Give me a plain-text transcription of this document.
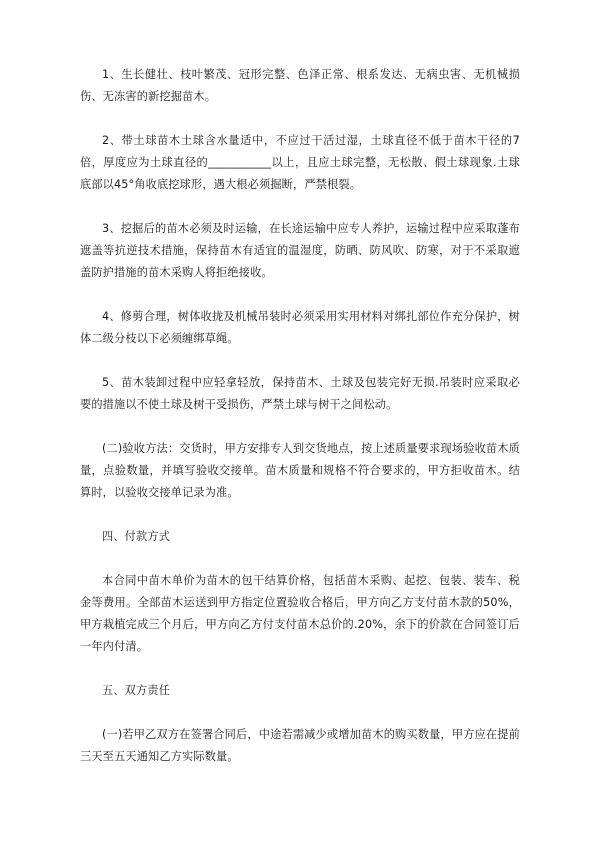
1、生长健壮、枝叶繁茂、冠形完整、色泽正常、根系发达、无病虫害、无机械损伤、无冻害的新挖掘苗木。

2、带土球苗木土球含水量适中，不应过干活过湿，土球直径不低于苗木干径的7倍，厚度应为土球直径的___________以上，且应土球完整，无松散、假土球现象.土球底部以45°角收底挖球形，遇大根必须掘断，严禁根裂。

3、挖掘后的苗木必须及时运输，在长途运输中应专人养护，运输过程中应采取蓬布遮盖等抗逆技术措施，保持苗木有适宜的温湿度，防晒、防风吹、防寒，对于不采取遮盖防护措施的苗木采购人将拒绝接收。

4、修剪合理，树体收拢及机械吊装时必须采用实用材料对绑扎部位作充分保护，树体二级分枝以下必须缠绑草绳。

5、苗木装卸过程中应轻拿轻放，保持苗木、土球及包装完好无损.吊装时应采取必要的措施以不使土球及树干受损伤，严禁土球与树干之间松动。

(二)验收方法：交货时，甲方安排专人到交货地点，按上述质量要求现场验收苗木质量，点验数量，并填写验收交接单。苗木质量和规格不符合要求的，甲方拒收苗木。结算时，以验收交接单记录为准。

四、付款方式

本合同中苗木单价为苗木的包干结算价格，包括苗木采购、起挖、包装、装车、税金等费用。全部苗木运送到甲方指定位置验收合格后，甲方向乙方支付苗木款的50%，甲方栽植完成三个月后，甲方向乙方付支付苗木总价的.20%，余下的价款在合同签订后一年内付清。

五、双方责任

(一)若甲乙双方在签署合同后，中途若需减少或增加苗木的购买数量，甲方应在提前三天至五天通知乙方实际数量。
